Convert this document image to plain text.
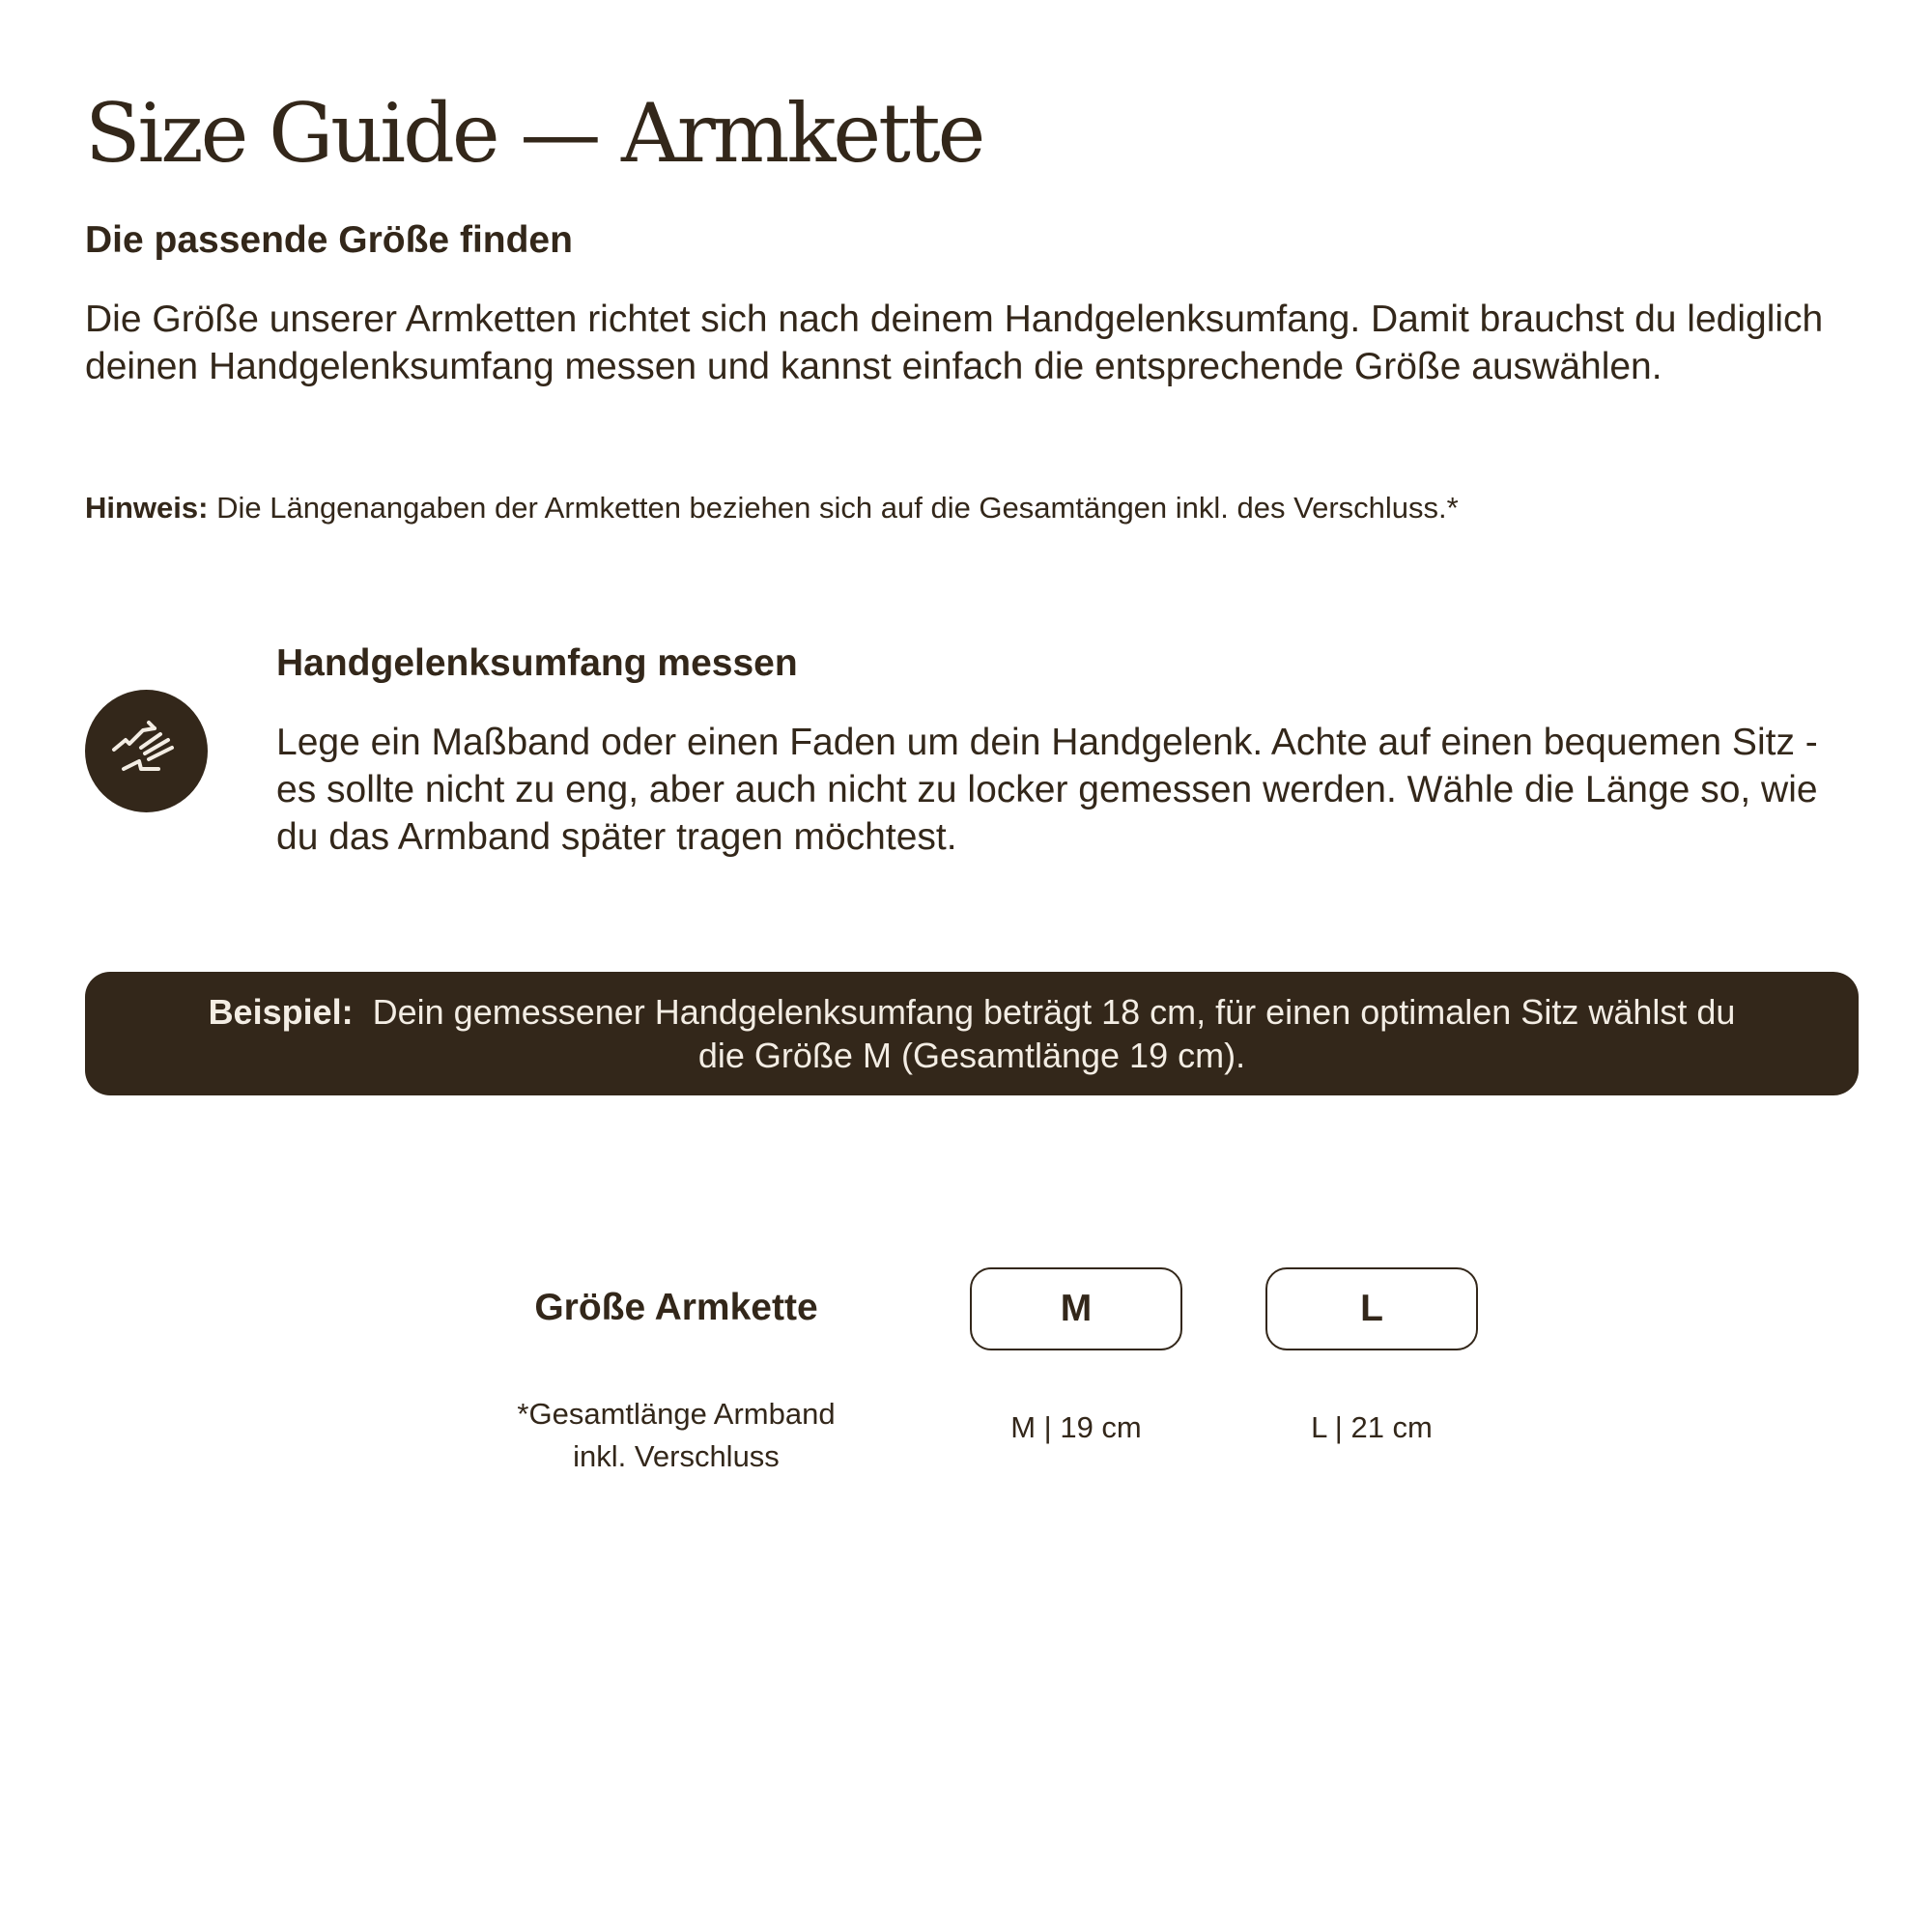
Size Guide — Armkette
Die passende Größe finden

Die Größe unserer Armketten richtet sich nach deinem Handgelenksumfang. Damit brauchst du lediglich deinen Handgelenksumfang messen und kannst einfach die entsprechende Größe auswählen.

Hinweis: Die Längenangaben der Armketten beziehen sich auf die Gesamtängen inkl. des Verschluss.*

Handgelenksumfang messen

Lege ein Maßband oder einen Faden um dein Handgelenk. Achte auf einen bequemen Sitz - es sollte nicht zu eng, aber auch nicht zu locker gemessen werden. Wähle die Länge so, wie du das Armband später tragen möchtest.

Beispiel: Dein gemessener Handgelenksumfang beträgt 18 cm, für einen optimalen Sitz wählst du die Größe M (Gesamtlänge 19 cm).

Größe Armkette	M	L
*Gesamtlänge Armband
inkl. Verschluss
M | 19 cm	L | 21 cm
